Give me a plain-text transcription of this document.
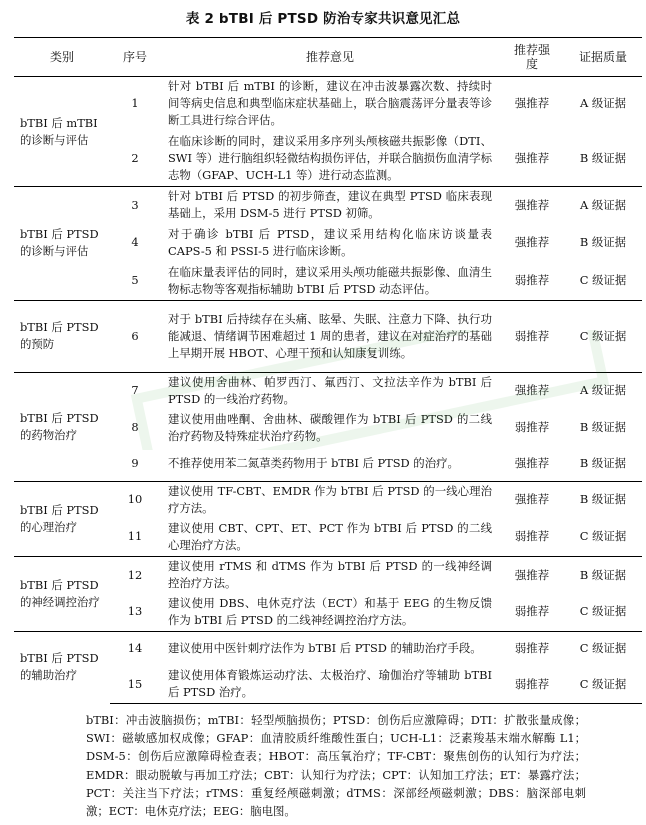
表 2 bTBI 后 PTSD 防治专家共识意见汇总
类别	序号	推荐意见	推荐强度	证据质量
bTBI 后 mTBI 的诊断与评估	1	针对 bTBI 后 mTBI 的诊断，建议在冲击波暴露次数、持续时间等病史信息和典型临床症状基础上，联合脑震荡评分量表等诊断工具进行综合评估。	强推荐	A 级证据
	2	在临床诊断的同时，建议采用多序列头颅核磁共振影像（DTI、SWI 等）进行脑组织轻微结构损伤评估，并联合脑损伤血清学标志物（GFAP、UCH-L1 等）进行动态监测。	强推荐	B 级证据
bTBI 后 PTSD 的诊断与评估	3	针对 bTBI 后 PTSD 的初步筛查，建议在典型 PTSD 临床表现基础上，采用 DSM-5 进行 PTSD 初筛。	强推荐	A 级证据
	4	对于确诊 bTBI 后 PTSD，建议采用结构化临床访谈量表 CAPS-5 和 PSSI-5 进行临床诊断。	强推荐	B 级证据
	5	在临床量表评估的同时，建议采用头颅功能磁共振影像、血清生物标志物等客观指标辅助 bTBI 后 PTSD 动态评估。	弱推荐	C 级证据
bTBI 后 PTSD 的预防	6	对于 bTBI 后持续存在头痛、眩晕、失眠、注意力下降、执行功能减退、情绪调节困难超过 1 周的患者，建议在对症治疗的基础上早期开展 HBOT、心理干预和认知康复训练。	弱推荐	C 级证据
bTBI 后 PTSD 的药物治疗	7	建议使用舍曲林、帕罗西汀、氟西汀、文拉法辛作为 bTBI 后 PTSD 的一线治疗药物。	强推荐	A 级证据
	8	建议使用曲唑酮、舍曲林、碳酸锂作为 bTBI 后 PTSD 的二线治疗药物及特殊症状治疗药物。	弱推荐	B 级证据
	9	不推荐使用苯二氮䓬类药物用于 bTBI 后 PTSD 的治疗。	强推荐	B 级证据
bTBI 后 PTSD 的心理治疗	10	建议使用 TF-CBT、EMDR 作为 bTBI 后 PTSD 的一线心理治疗方法。	强推荐	B 级证据
	11	建议使用 CBT、CPT、ET、PCT 作为 bTBI 后 PTSD 的二线心理治疗方法。	弱推荐	C 级证据
bTBI 后 PTSD 的神经调控治疗	12	建议使用 rTMS 和 dTMS 作为 bTBI 后 PTSD 的一线神经调控治疗方法。	强推荐	B 级证据
	13	建议使用 DBS、电休克疗法（ECT）和基于 EEG 的生物反馈作为 bTBI 后 PTSD 的二线神经调控治疗方法。	弱推荐	C 级证据
bTBI 后 PTSD 的辅助治疗	14	建议使用中医针刺疗法作为 bTBI 后 PTSD 的辅助治疗手段。	弱推荐	C 级证据
	15	建议使用体育锻炼运动疗法、太极治疗、瑜伽治疗等辅助 bTBI 后 PTSD 治疗。	弱推荐	C 级证据
bTBI：冲击波脑损伤；mTBI：轻型颅脑损伤；PTSD：创伤后应激障碍；DTI：扩散张量成像；SWI：磁敏感加权成像；GFAP：血清胶质纤维酸性蛋白；UCH-L1：泛素羧基末端水解酶 L1；DSM-5：创伤后应激障碍检查表；HBOT：高压氧治疗；TF-CBT：聚焦创伤的认知行为疗法；EMDR：眼动脱敏与再加工疗法；CBT：认知行为疗法；CPT：认知加工疗法；ET：暴露疗法；PCT：关注当下疗法；rTMS：重复经颅磁刺激；dTMS：深部经颅磁刺激；DBS：脑深部电刺激；ECT：电休克疗法；EEG：脑电图。
